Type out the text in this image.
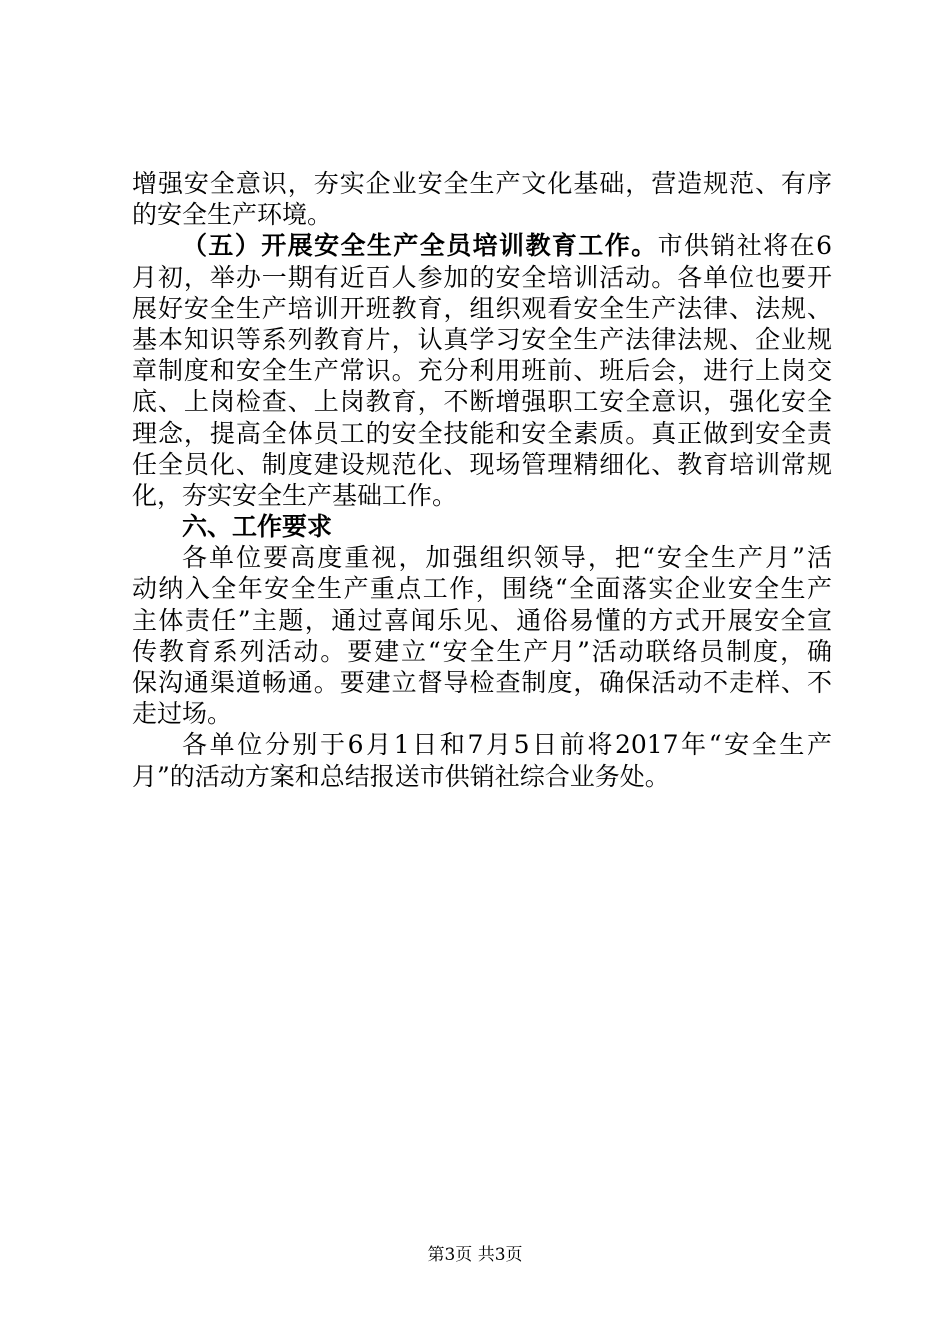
增强安全意识，夯实企业安全生产文化基础，营造规范、有序
的安全生产环境。
（五）开展安全生产全员培训教育工作。市供销社将在6
月初，举办一期有近百人参加的安全培训活动。各单位也要开
展好安全生产培训开班教育，组织观看安全生产法律、法规、
基本知识等系列教育片，认真学习安全生产法律法规、企业规
章制度和安全生产常识。充分利用班前、班后会，进行上岗交
底、上岗检查、上岗教育，不断增强职工安全意识，强化安全
理念，提高全体员工的安全技能和安全素质。真正做到安全责
任全员化、制度建设规范化、现场管理精细化、教育培训常规
化，夯实安全生产基础工作。
六、工作要求
各单位要高度重视，加强组织领导，把“安全生产月”活
动纳入全年安全生产重点工作，围绕“全面落实企业安全生产
主体责任”主题，通过喜闻乐见、通俗易懂的方式开展安全宣
传教育系列活动。要建立“安全生产月”活动联络员制度，确
保沟通渠道畅通。要建立督导检查制度，确保活动不走样、不
走过场。
各单位分别于6月1日和7月5日前将2017年“安全生产
月”的活动方案和总结报送市供销社综合业务处。
第3页 共3页
